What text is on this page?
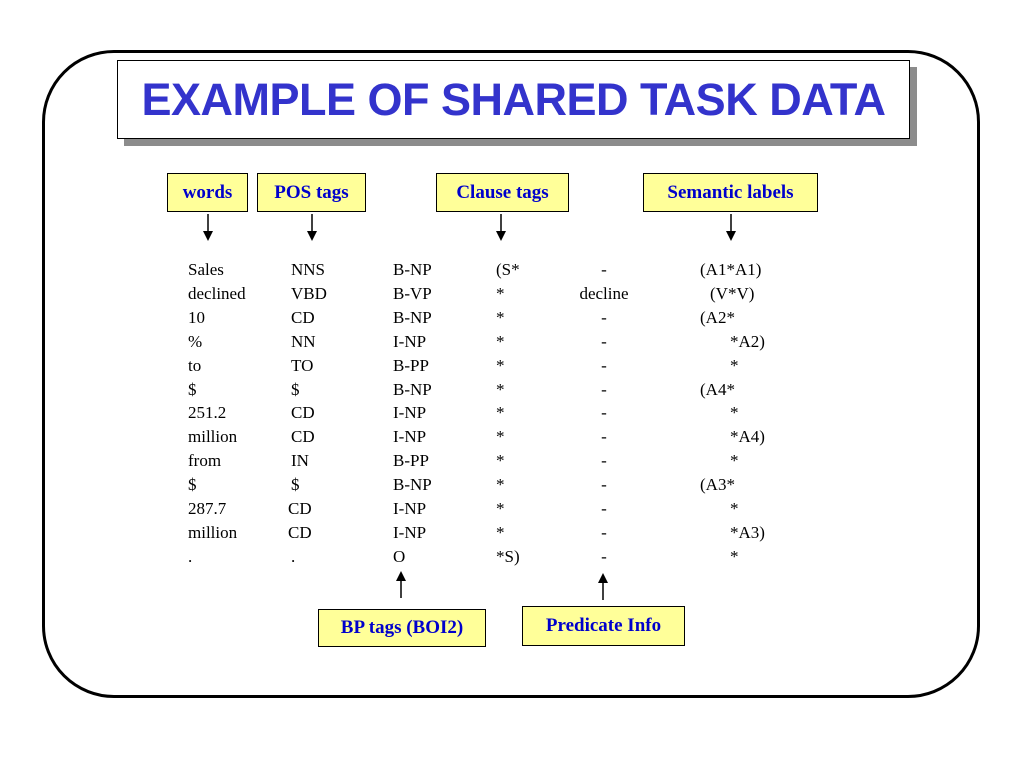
EXAMPLE OF SHARED TASK DATA
words	POS tags	Clause tags	Semantic labels
Sales	NNS	B-NP	(S*	-	(A1*A1)
declined	VBD	B-VP	*	decline	(V*V)
10	CD	B-NP	*	-	(A2*
%	NN	I-NP	*	-	*A2)
to	TO	B-PP	*	-	*
$	$	B-NP	*	-	(A4*
251.2	CD	I-NP	*	-	*
million	CD	I-NP	*	-	*A4)
from	IN	B-PP	*	-	*
$	$	B-NP	*	-	(A3*
287.7	CD	I-NP	*	-	*
million	CD	I-NP	*	-	*A3)
.	.	O	*S)	-	*
BP tags (BOI2)	Predicate Info
